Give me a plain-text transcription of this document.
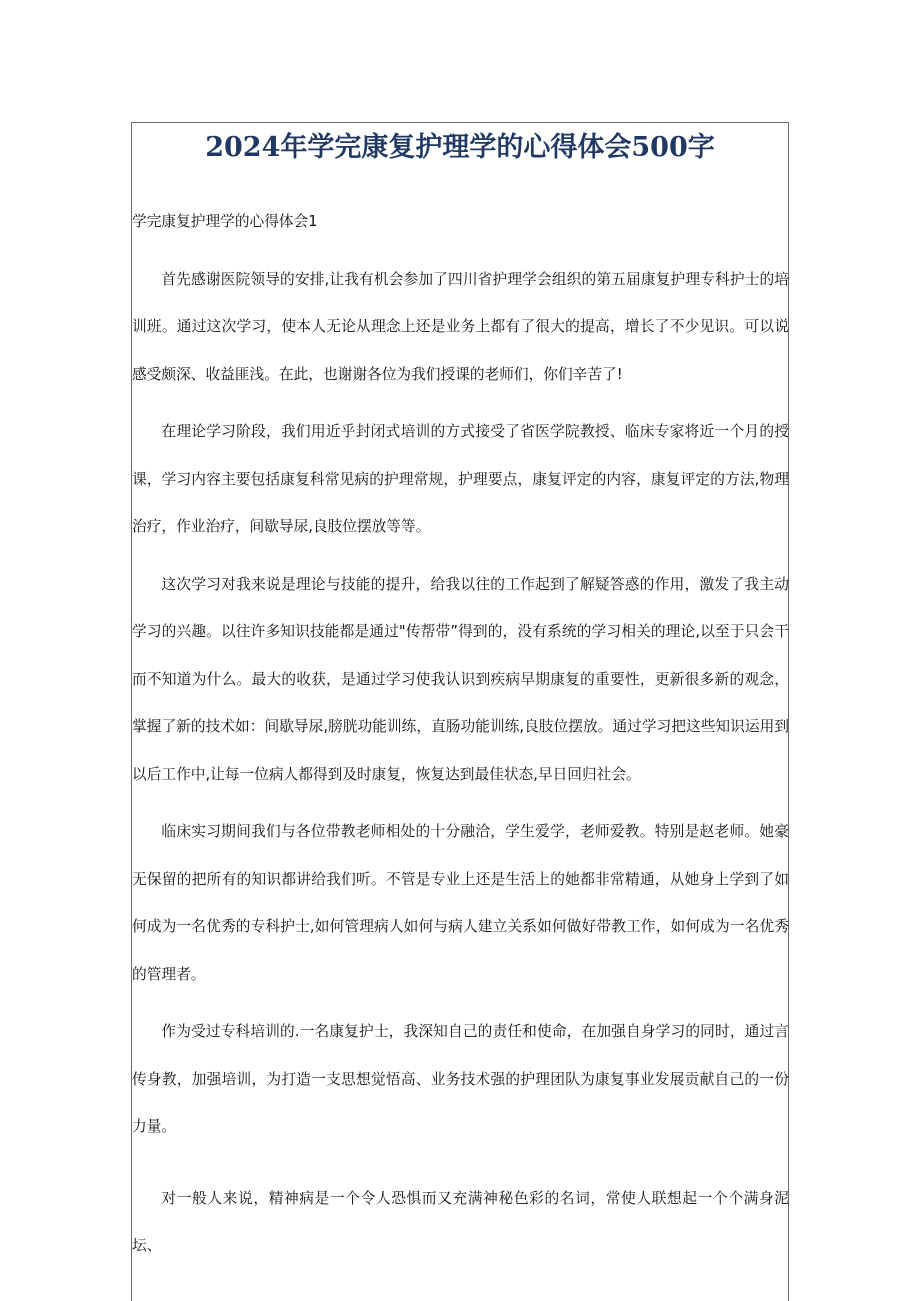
2024年学完康复护理学的心得体会500字

学完康复护理学的心得体会1

首先感谢医院领导的安排,让我有机会参加了四川省护理学会组织的第五届康复护理专科护士的培训班。通过这次学习，使本人无论从理念上还是业务上都有了很大的提高，增长了不少见识。可以说感受颇深、收益匪浅。在此，也谢谢各位为我们授课的老师们，你们辛苦了!

在理论学习阶段，我们用近乎封闭式培训的方式接受了省医学院教授、临床专家将近一个月的授课，学习内容主要包括康复科常见病的护理常规，护理要点，康复评定的内容，康复评定的方法,物理治疗，作业治疗，间歇导尿,良肢位摆放等等。

这次学习对我来说是理论与技能的提升，给我以往的工作起到了解疑答惑的作用，激发了我主动学习的兴趣。以往许多知识技能都是通过"传帮带”得到的，没有系统的学习相关的理论,以至于只会干而不知道为什么。最大的收获，是通过学习使我认识到疾病早期康复的重要性，更新很多新的观念，掌握了新的技术如：间歇导尿,膀胱功能训练，直肠功能训练,良肢位摆放。通过学习把这些知识运用到以后工作中,让每一位病人都得到及时康复，恢复达到最佳状态,早日回归社会。

临床实习期间我们与各位带教老师相处的十分融洽，学生爱学，老师爱教。特别是赵老师。她豪无保留的把所有的知识都讲给我们听。不管是专业上还是生活上的她都非常精通，从她身上学到了如何成为一名优秀的专科护士,如何管理病人如何与病人建立关系如何做好带教工作，如何成为一名优秀的管理者。

作为受过专科培训的.一名康复护士，我深知自己的责任和使命，在加强自身学习的同时，通过言传身教，加强培训，为打造一支思想觉悟高、业务技术强的护理团队为康复事业发展贡献自己的一份力量。

对一般人来说，精神病是一个令人恐惧而又充满神秘色彩的名词，常使人联想起一个个满身泥坛、
